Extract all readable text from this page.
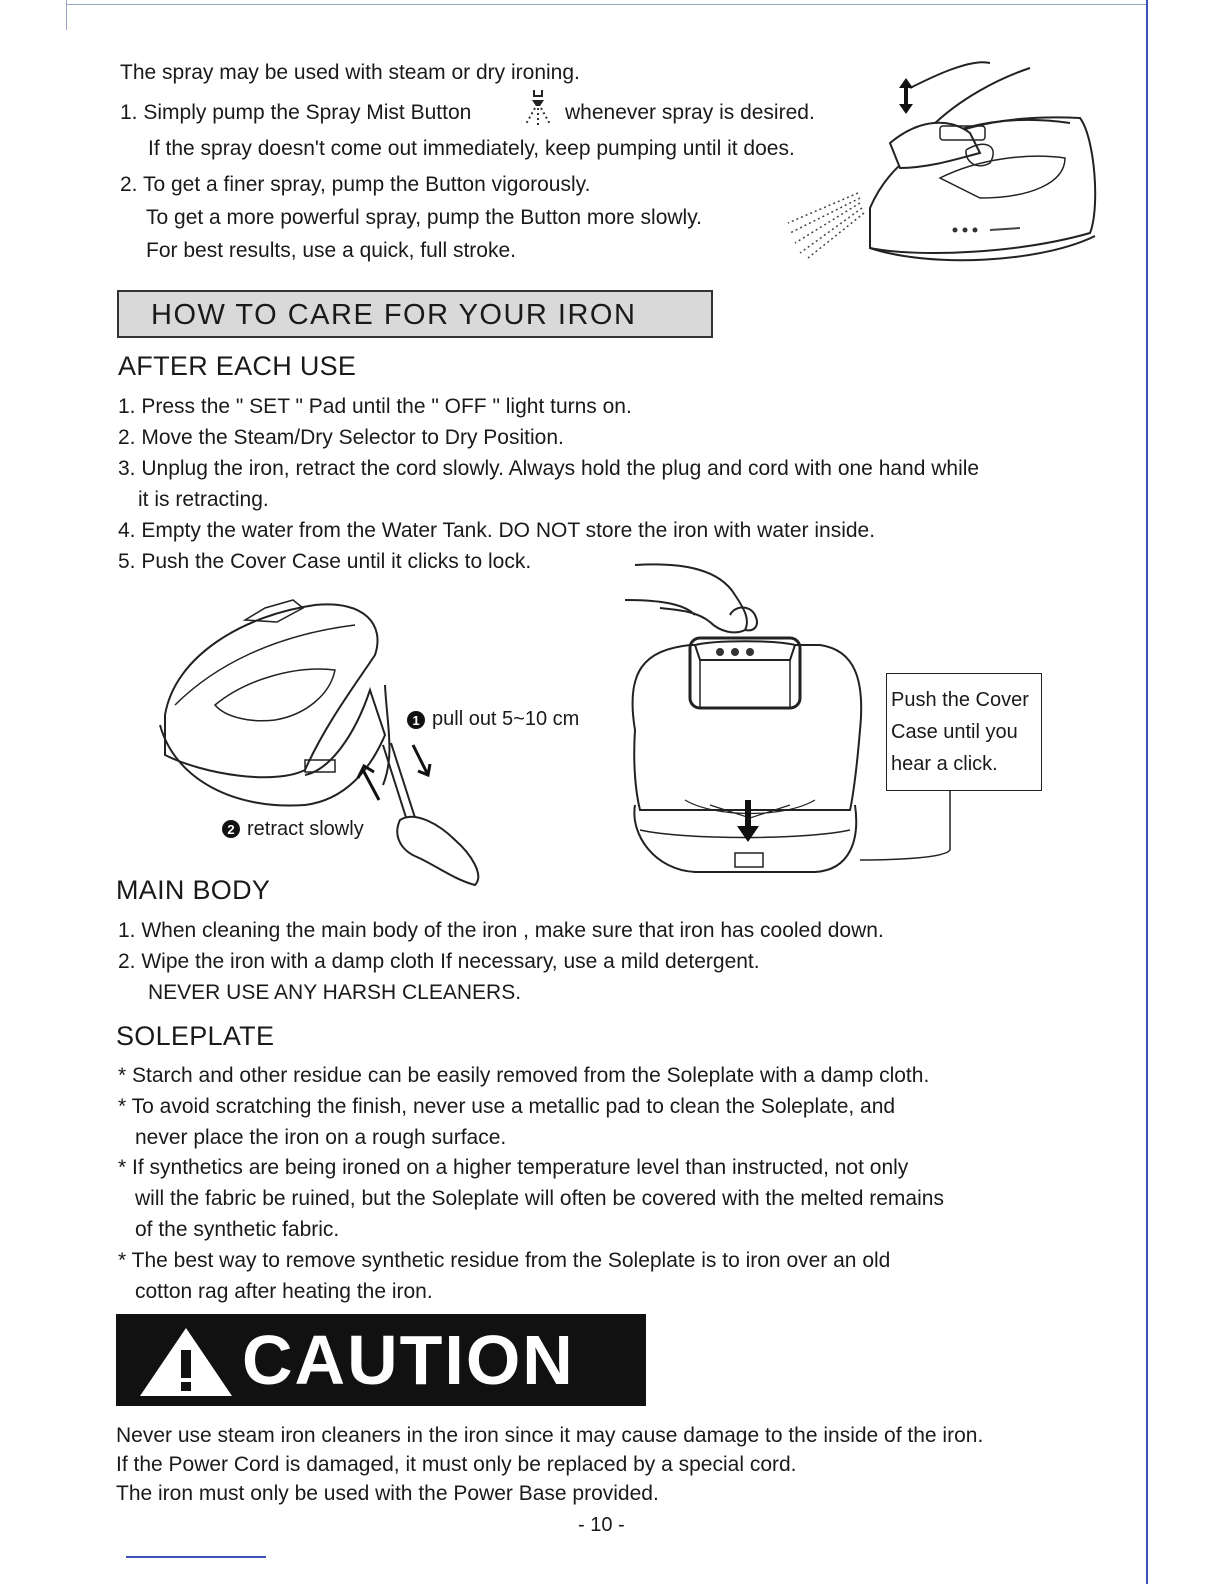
The spray may be used with steam or dry ironing.
1. Simply pump the Spray Mist Button	whenever spray is desired.
If the spray doesn't come out immediately, keep pumping until it does.
2. To get a finer spray, pump the Button vigorously.
To get a more powerful spray, pump the Button more slowly.
For best results, use a quick, full stroke.
HOW TO CARE FOR YOUR IRON
AFTER EACH USE
1. Press the " SET " Pad until the " OFF " light turns on.
2. Move the Steam/Dry Selector to Dry Position.
3. Unplug the iron, retract the cord slowly. Always hold the plug and cord with one hand while
it is retracting.
4. Empty the water from the Water Tank. DO NOT store the iron with water inside.
5. Push the Cover Case until it clicks to lock.
1 pull out 5~10 cm
2 retract slowly
Push the Cover
Case until you
hear a click.
MAIN BODY
1. When cleaning the main body of the iron , make sure that iron has cooled down.
2. Wipe the iron with a damp cloth If necessary, use a mild detergent.
NEVER USE ANY HARSH CLEANERS.
SOLEPLATE
* Starch and other residue can be easily removed from the Soleplate with a damp cloth.
* To avoid scratching the finish, never use a metallic pad to clean the Soleplate, and
never place the iron on a rough surface.
* If synthetics are being ironed on a higher temperature level than instructed, not only
will the fabric be ruined, but the Soleplate will often be covered with the melted remains
of the synthetic fabric.
* The best way to remove synthetic residue from the Soleplate is to iron over an old
cotton rag after heating the iron.
CAUTION
Never use steam iron cleaners in the iron since it may cause damage to the inside of the iron.
If the Power Cord is damaged, it must only be replaced by a special cord.
The iron must only be used with the Power Base provided.
- 10 -
